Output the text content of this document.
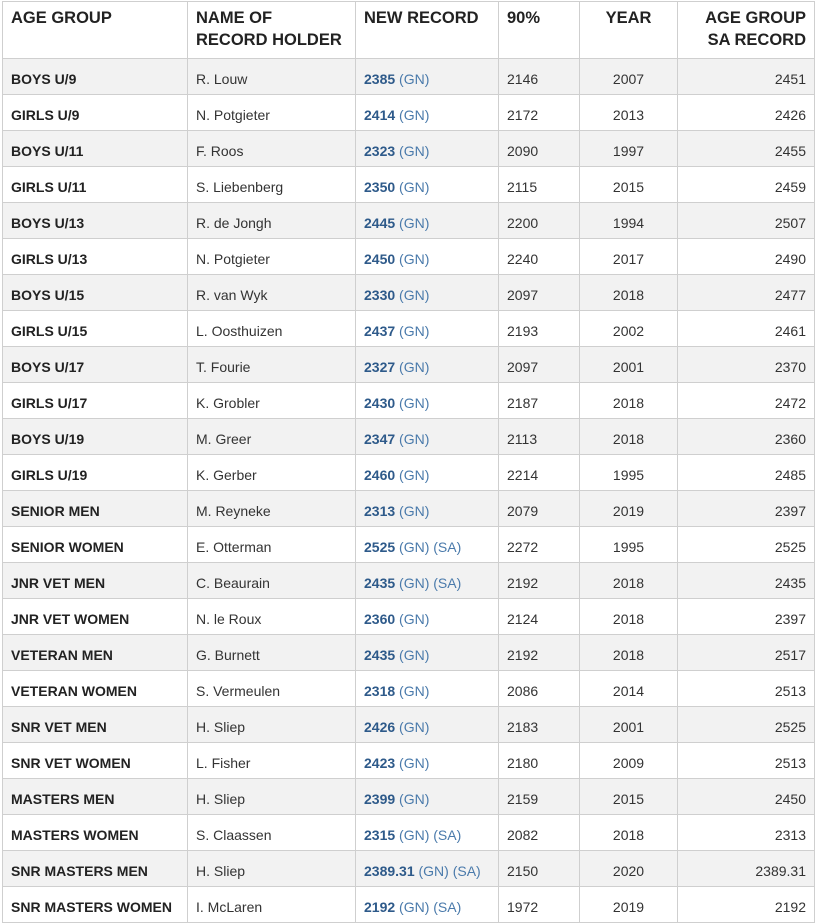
AGE GROUP	NAME OF RECORD HOLDER	NEW RECORD	90%	YEAR	AGE GROUP SA RECORD
BOYS U/9	R. Louw	2385 (GN)	2146	2007	2451
GIRLS U/9	N. Potgieter	2414 (GN)	2172	2013	2426
BOYS U/11	F. Roos	2323 (GN)	2090	1997	2455
GIRLS U/11	S. Liebenberg	2350 (GN)	2115	2015	2459
BOYS U/13	R. de Jongh	2445 (GN)	2200	1994	2507
GIRLS U/13	N. Potgieter	2450 (GN)	2240	2017	2490
BOYS U/15	R. van Wyk	2330 (GN)	2097	2018	2477
GIRLS U/15	L. Oosthuizen	2437 (GN)	2193	2002	2461
BOYS U/17	T. Fourie	2327 (GN)	2097	2001	2370
GIRLS U/17	K. Grobler	2430 (GN)	2187	2018	2472
BOYS U/19	M. Greer	2347 (GN)	2113	2018	2360
GIRLS U/19	K. Gerber	2460 (GN)	2214	1995	2485
SENIOR MEN	M. Reyneke	2313 (GN)	2079	2019	2397
SENIOR WOMEN	E. Otterman	2525 (GN) (SA)	2272	1995	2525
JNR VET MEN	C. Beaurain	2435 (GN) (SA)	2192	2018	2435
JNR VET WOMEN	N. le Roux	2360 (GN)	2124	2018	2397
VETERAN MEN	G. Burnett	2435 (GN)	2192	2018	2517
VETERAN WOMEN	S. Vermeulen	2318 (GN)	2086	2014	2513
SNR VET MEN	H. Sliep	2426 (GN)	2183	2001	2525
SNR VET WOMEN	L. Fisher	2423 (GN)	2180	2009	2513
MASTERS MEN	H. Sliep	2399 (GN)	2159	2015	2450
MASTERS WOMEN	S. Claassen	2315 (GN) (SA)	2082	2018	2313
SNR MASTERS MEN	H. Sliep	2389.31 (GN) (SA)	2150	2020	2389.31
SNR MASTERS WOMEN	I. McLaren	2192 (GN) (SA)	1972	2019	2192
